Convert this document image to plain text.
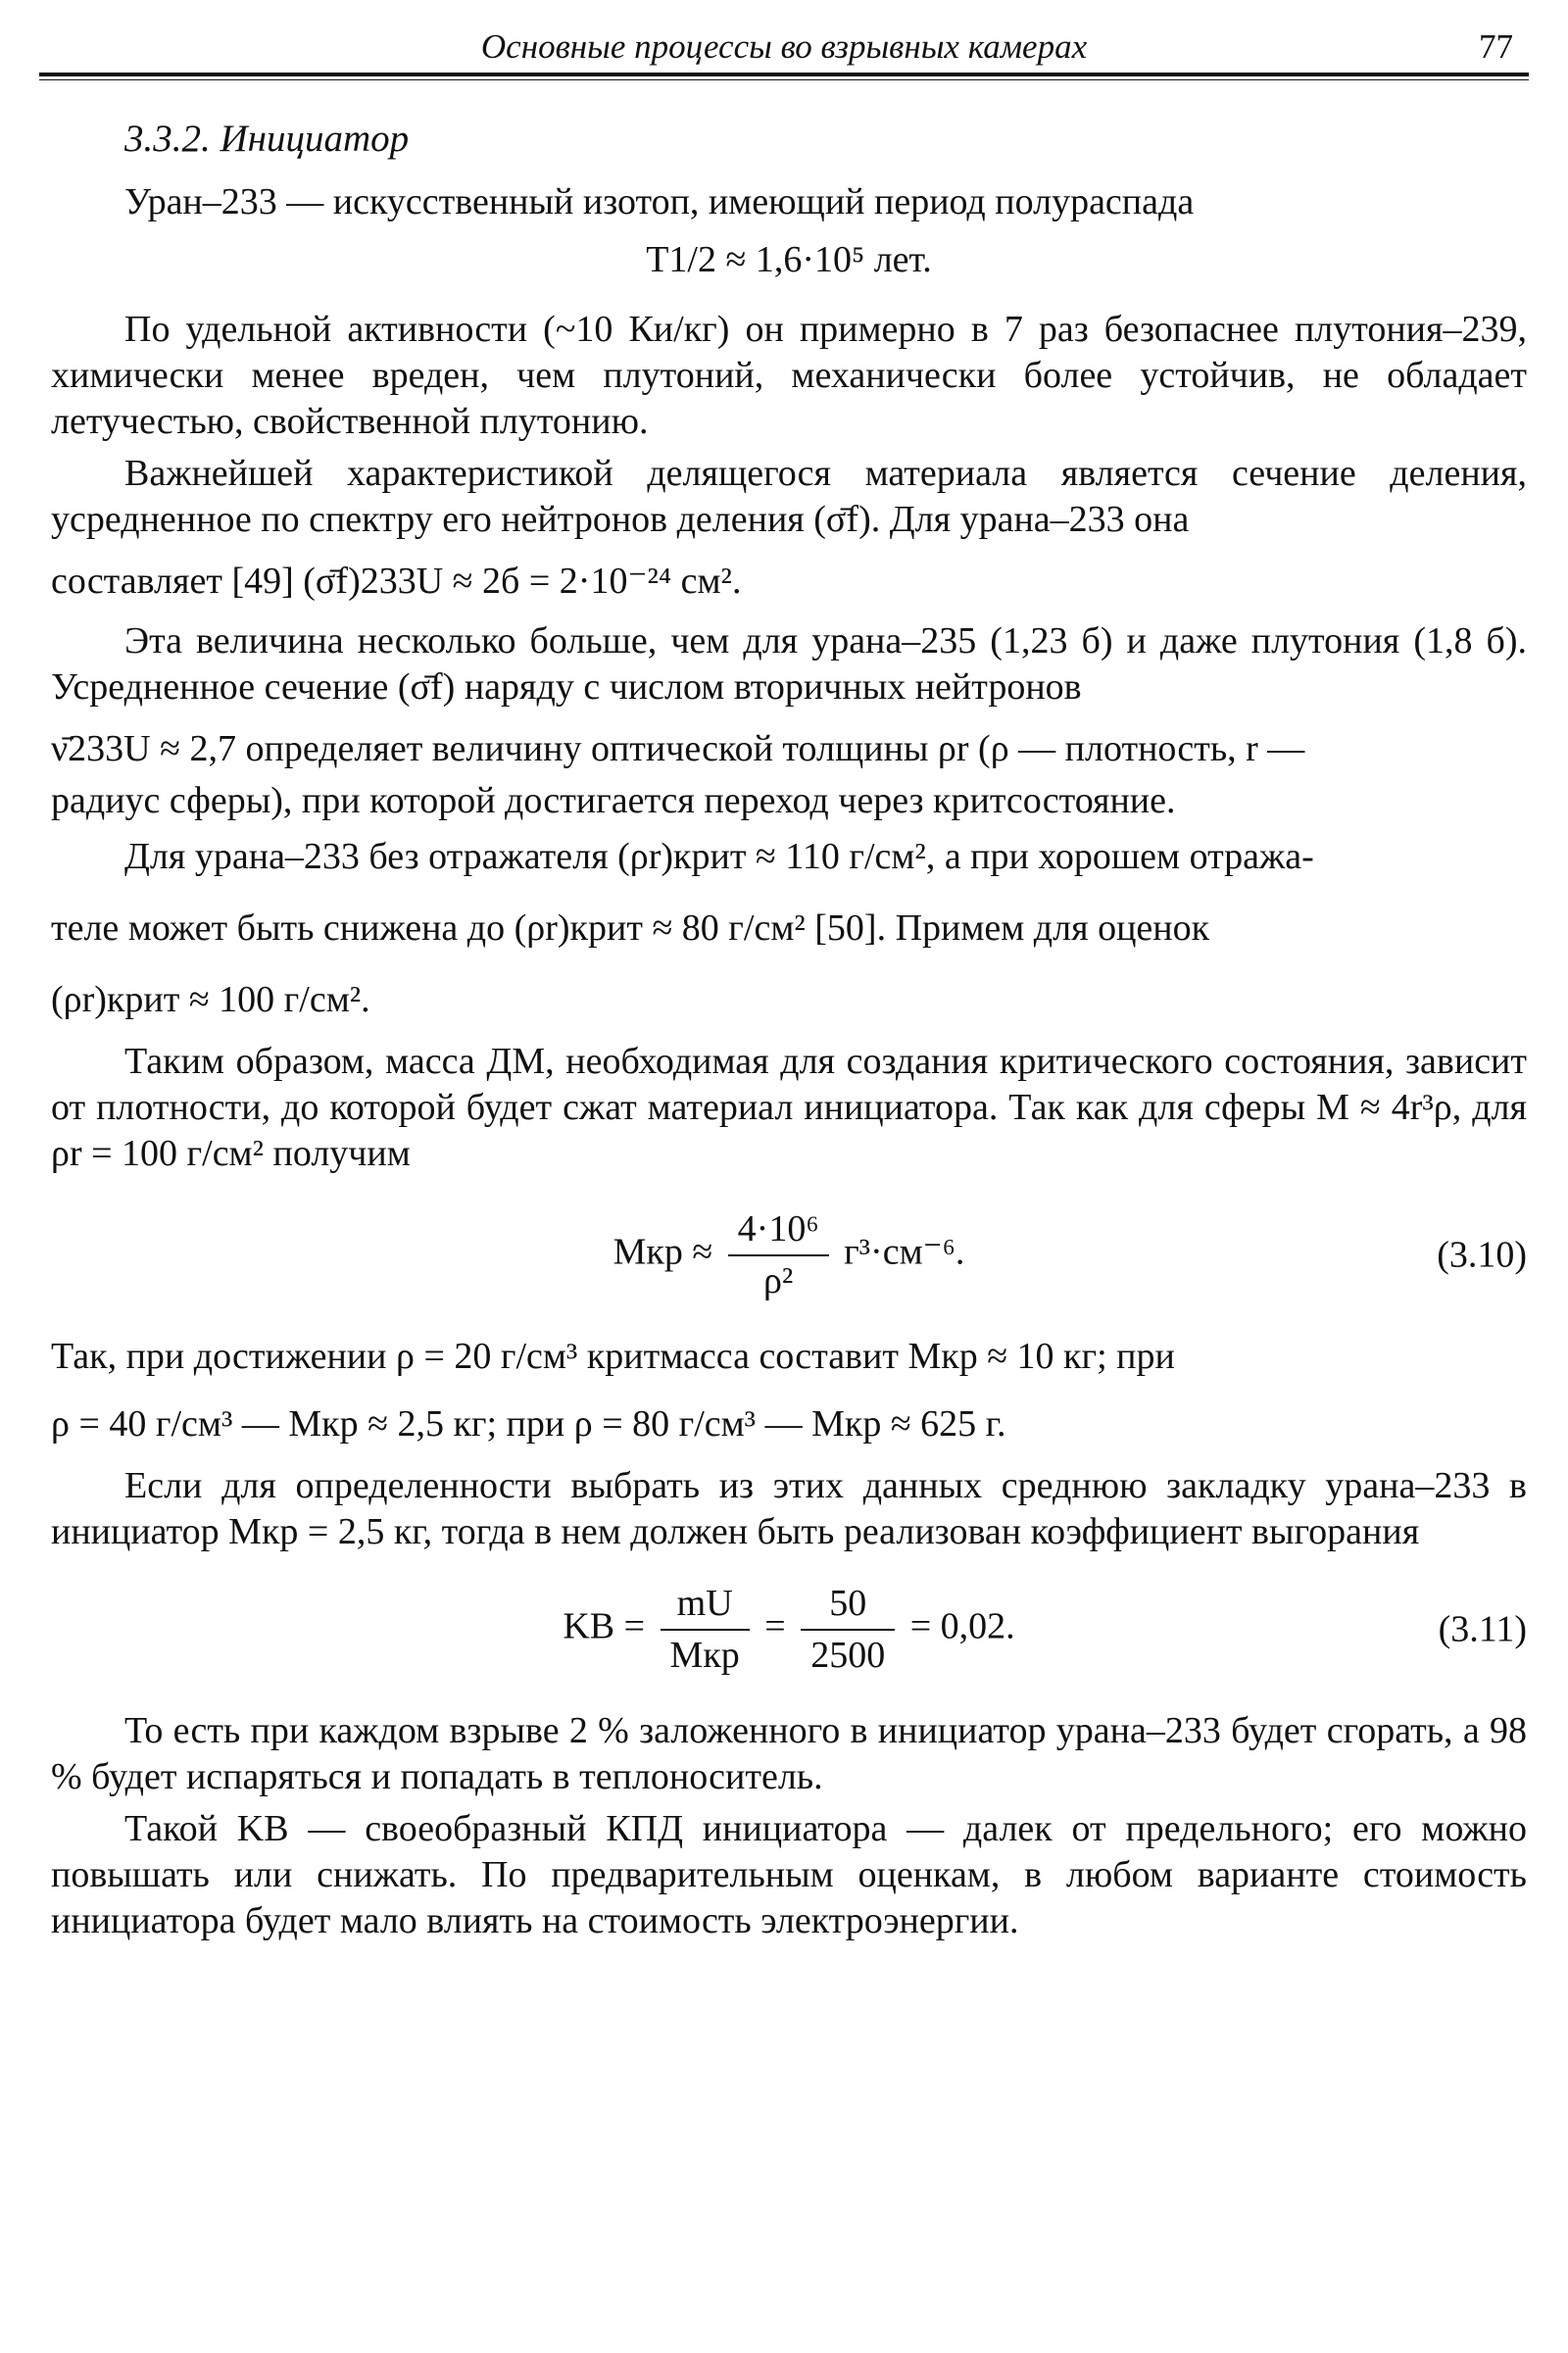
Основные процессы во взрывных камерах	77
3.3.2. Инициатор

Уран–233 — искусственный изотоп, имеющий период полураспада

T1/2 ≈ 1,6·10⁵ лет.

По удельной активности (~10 Ки/кг) он примерно в 7 раз безопаснее плутония–239, химически менее вреден, чем плутоний, механически более устойчив, не обладает летучестью, свойственной плутонию.

Важнейшей характеристикой делящегося материала является сечение деления, усредненное по спектру его нейтронов деления (σ̄f). Для урана–233 она

составляет [49] (σ̄f)233U ≈ 2б = 2·10⁻²⁴ см².

Эта величина несколько больше, чем для урана–235 (1,23 б) и даже плутония (1,8 б). Усредненное сечение (σ̄f) наряду с числом вторичных нейтронов

ν̄233U ≈ 2,7 определяет величину оптической толщины ρr (ρ — плотность, r —

радиус сферы), при которой достигается переход через критсостояние.

Для урана–233 без отражателя (ρr)крит ≈ 110 г/см², а при хорошем отража-

теле может быть снижена до (ρr)крит ≈ 80 г/см² [50]. Примем для оценок

(ρr)крит ≈ 100 г/см².

Таким образом, масса ДМ, необходимая для создания критического состояния, зависит от плотности, до которой будет сжат материал инициатора. Так как для сферы M ≈ 4r³ρ, для ρr = 100 г/см² получим

Mкр ≈ $\frac{\text{4·10⁶}}{\text{ρ²}} г^3\cdot см^{-6}$.	(3.10)

Так, при достижении ρ = 20 г/см³ критмасса составит Mкр ≈ 10 кг; при

ρ = 40 г/см³ — Mкр ≈ 2,5 кг; при ρ = 80 г/см³ — Mкр ≈ 625 г.

Если для определенности выбрать из этих данных среднюю закладку урана–233 в инициатор Mкр = 2,5 кг, тогда в нем должен быть реализован коэффициент выгорания

KB = $\frac{mU}{\text{Mкр}} = \frac{50}{2500} = 0,02$.	(3.11)

То есть при каждом взрыве 2 % заложенного в инициатор урана–233 будет сгорать, а 98 % будет испаряться и попадать в теплоноситель.

Такой KB — своеобразный КПД инициатора — далек от предельного; его можно повышать или снижать. По предварительным оценкам, в любом варианте стоимость инициатора будет мало влиять на стоимость электроэнергии.
